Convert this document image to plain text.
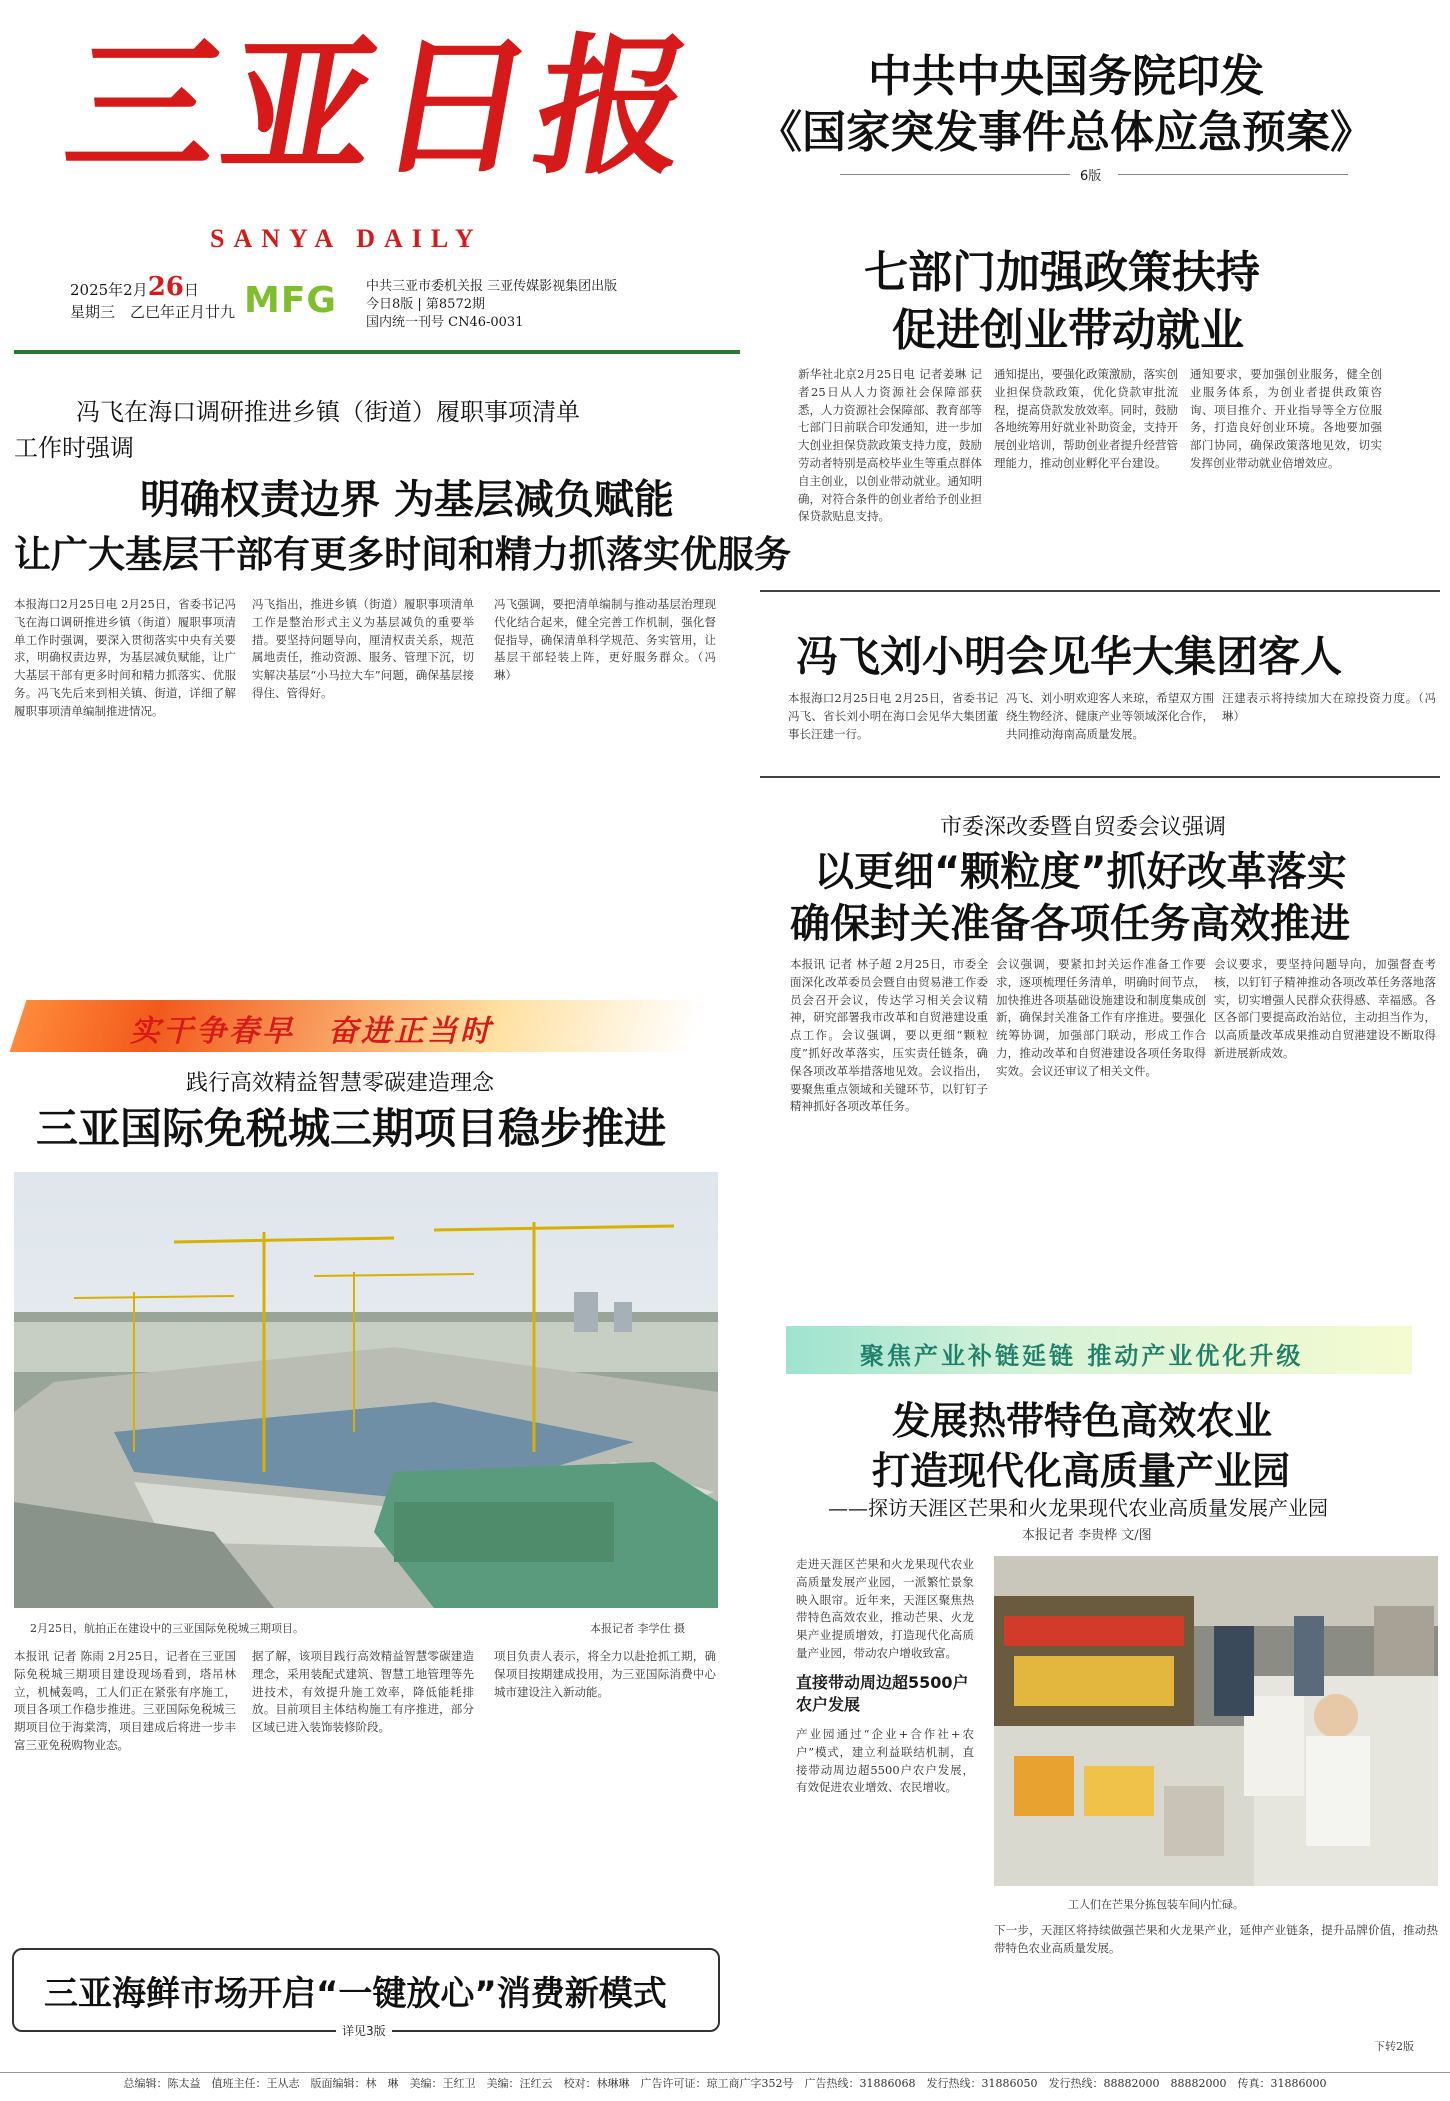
三亚日报
SANYA DAILY
2025年2月26日
星期三　乙巳年正月廿九 MFG	中共三亚市委机关报 三亚传媒影视集团出版
今日8版 | 第8572期
国内统一刊号 CN46-0031
中共中央国务院印发
《国家突发事件总体应急预案》
6版
七部门加强政策扶持
促进创业带动就业
新华社北京2月25日电 记者姜琳 记者25日从人力资源社会保障部获悉，人力资源社会保障部、教育部等七部门日前联合印发通知，进一步加大创业担保贷款政策支持力度，鼓励劳动者特别是高校毕业生等重点群体自主创业，以创业带动就业。通知明确，对符合条件的创业者给予创业担保贷款贴息支持。
通知提出，要强化政策激励，落实创业担保贷款政策，优化贷款审批流程，提高贷款发放效率。同时，鼓励各地统筹用好就业补助资金，支持开展创业培训，帮助创业者提升经营管理能力，推动创业孵化平台建设。
通知要求，要加强创业服务，健全创业服务体系，为创业者提供政策咨询、项目推介、开业指导等全方位服务，打造良好创业环境。各地要加强部门协同，确保政策落地见效，切实发挥创业带动就业倍增效应。
冯飞刘小明会见华大集团客人
本报海口2月25日电 2月25日，省委书记冯飞、省长刘小明在海口会见华大集团董事长汪建一行。
冯飞、刘小明欢迎客人来琼，希望双方围绕生物经济、健康产业等领域深化合作，共同推动海南高质量发展。
汪建表示将持续加大在琼投资力度。（冯　琳）
市委深改委暨自贸委会议强调
以更细“颗粒度”抓好改革落实
确保封关准备各项任务高效推进
本报讯 记者 林子超 2月25日，市委全面深化改革委员会暨自由贸易港工作委员会召开会议，传达学习相关会议精神，研究部署我市改革和自贸港建设重点工作。会议强调，要以更细“颗粒度”抓好改革落实，压实责任链条，确保各项改革举措落地见效。会议指出，要聚焦重点领域和关键环节，以钉钉子精神抓好各项改革任务。
会议强调，要紧扣封关运作准备工作要求，逐项梳理任务清单，明确时间节点，加快推进各项基础设施建设和制度集成创新，确保封关准备工作有序推进。要强化统筹协调，加强部门联动，形成工作合力，推动改革和自贸港建设各项任务取得实效。会议还审议了相关文件。
会议要求，要坚持问题导向，加强督查考核，以钉钉子精神推动各项改革任务落地落实，切实增强人民群众获得感、幸福感。各区各部门要提高政治站位，主动担当作为，以高质量改革成果推动自贸港建设不断取得新进展新成效。
冯飞在海口调研推进乡镇（街道）履职事项清单
工作时强调
明确权责边界 为基层减负赋能
让广大基层干部有更多时间和精力抓落实优服务
本报海口2月25日电 2月25日，省委书记冯飞在海口调研推进乡镇（街道）履职事项清单工作时强调，要深入贯彻落实中央有关要求，明确权责边界，为基层减负赋能，让广大基层干部有更多时间和精力抓落实、优服务。冯飞先后来到相关镇、街道，详细了解履职事项清单编制推进情况。
冯飞指出，推进乡镇（街道）履职事项清单工作是整治形式主义为基层减负的重要举措。要坚持问题导向，厘清权责关系，规范属地责任，推动资源、服务、管理下沉，切实解决基层“小马拉大车”问题，确保基层接得住、管得好。
冯飞强调，要把清单编制与推动基层治理现代化结合起来，健全完善工作机制，强化督促指导，确保清单科学规范、务实管用，让基层干部轻装上阵，更好服务群众。（冯　琳）
实干争春早　奋进正当时
践行高效精益智慧零碳建造理念
三亚国际免税城三期项目稳步推进
2月25日，航拍正在建设中的三亚国际免税城三期项目。	本报记者 李学仕 摄
本报讯 记者 陈雨 2月25日，记者在三亚国际免税城三期项目建设现场看到，塔吊林立，机械轰鸣，工人们正在紧张有序施工，项目各项工作稳步推进。三亚国际免税城三期项目位于海棠湾，项目建成后将进一步丰富三亚免税购物业态。
据了解，该项目践行高效精益智慧零碳建造理念，采用装配式建筑、智慧工地管理等先进技术，有效提升施工效率，降低能耗排放。目前项目主体结构施工有序推进，部分区域已进入装饰装修阶段。
项目负责人表示，将全力以赴抢抓工期，确保项目按期建成投用，为三亚国际消费中心城市建设注入新动能。
三亚海鲜市场开启“一键放心”消费新模式
详见3版
聚焦产业补链延链 推动产业优化升级
发展热带特色高效农业
打造现代化高质量产业园
——探访天涯区芒果和火龙果现代农业高质量发展产业园
本报记者 李贵桦 文/图
走进天涯区芒果和火龙果现代农业高质量发展产业园，一派繁忙景象映入眼帘。近年来，天涯区聚焦热带特色高效农业，推动芒果、火龙果产业提质增效，打造现代化高质量产业园，带动农户增收致富。
直接带动周边超5500户农户发展
产业园通过“企业+合作社+农户”模式，建立利益联结机制，直接带动周边超5500户农户发展，有效促进农业增效、农民增收。
工人们在芒果分拣包装车间内忙碌。
下一步，天涯区将持续做强芒果和火龙果产业，延伸产业链条，提升品牌价值，推动热带特色农业高质量发展。
下转2版
总编辑：陈太益　值班主任：王从志　版面编辑：林　琳　美编：王红卫　美编：汪红云　校对：林琳琳　广告许可证：琼工商广字352号　广告热线：31886068　发行热线：31886050　发行热线：88882000　88882000　传真：31886000
